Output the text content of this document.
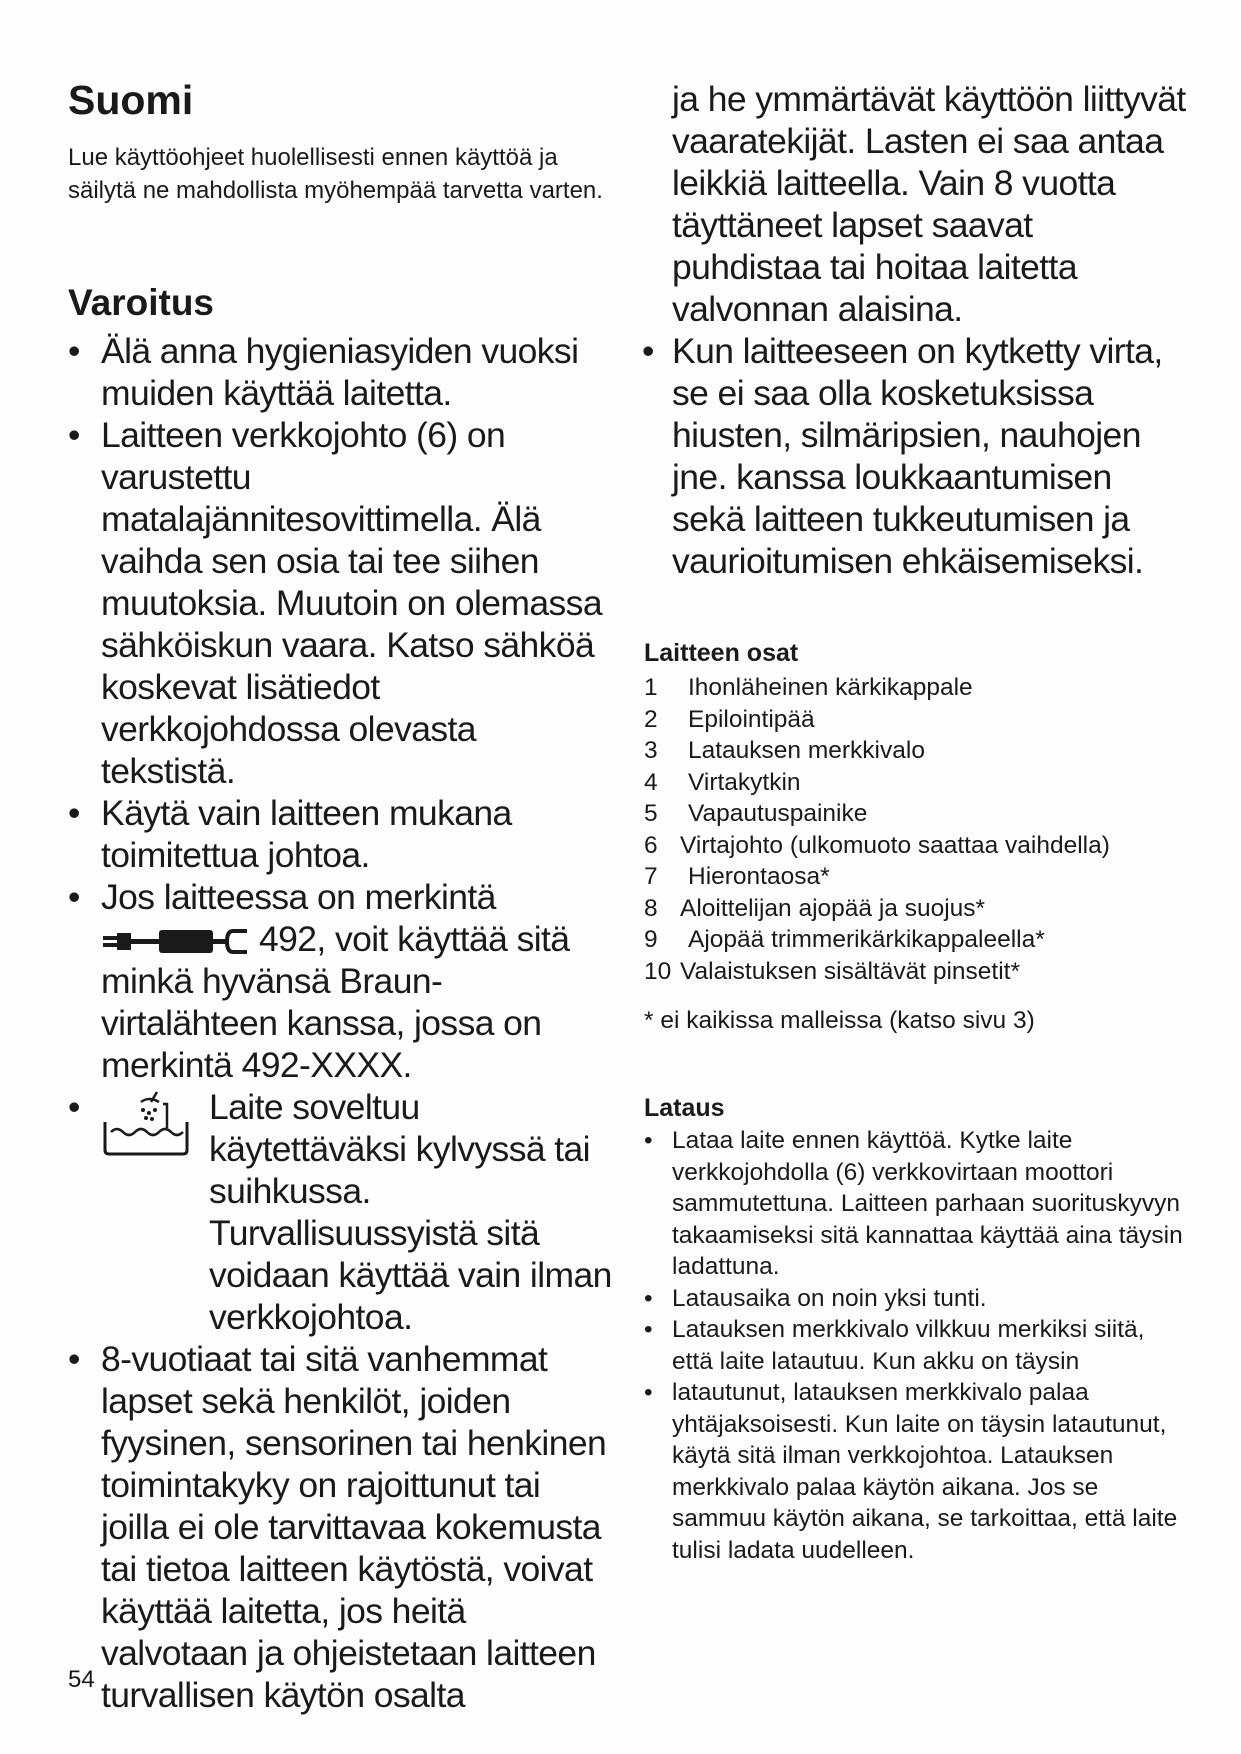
Suomi

Lue käyttöohjeet huolellisesti ennen käyttöä ja säilytä ne mahdollista myöhempää tarvetta varten.

Varoitus
• Älä anna hygieniasyiden vuoksi muiden käyttää laitetta.
• Laitteen verkkojohto (6) on varustettu matalajännitesovittimella. Älä vaihda sen osia tai tee siihen muutoksia. Muutoin on olemassa sähköiskun vaara. Katso sähköä koskevat lisätiedot verkkojohdossa olevasta tekstistä.
• Käytä vain laitteen mukana toimitettua johtoa.
• Jos laitteessa on merkintä
492, voit käyttää sitä minkä hyvänsä Braun-virtalähteen kanssa, jossa on merkintä 492-XXXX.
•	Laite soveltuu käytettäväksi kylvyssä tai suihkussa. Turvallisuussyistä sitä voidaan käyttää vain ilman verkkojohtoa.
• 8-vuotiaat tai sitä vanhemmat lapset sekä henkilöt, joiden fyysinen, sensorinen tai henkinen toimintakyky on rajoittunut tai joilla ei ole tarvittavaa kokemusta tai tietoa laitteen käytöstä, voivat käyttää laitetta, jos heitä valvotaan ja ohjeistetaan laitteen turvallisen käytön osalta

ja he ymmärtävät käyttöön liittyvät vaaratekijät. Lasten ei saa antaa leikkiä laitteella. Vain 8 vuotta täyttäneet lapset saavat puhdistaa tai hoitaa laitetta valvonnan alaisina.

• Kun laitteeseen on kytketty virta, se ei saa olla kosketuksissa hiusten, silmäripsien, nauhojen jne. kanssa loukkaantumisen sekä laitteen tukkeutumisen ja vaurioitumisen ehkäisemiseksi.
Laitteen osat
1	Ihonläheinen kärkikappale
2	Epilointipää
3	Latauksen merkkivalo
4	Virtakytkin
5	Vapautuspainike
6 Virtajohto (ulkomuoto saattaa vaihdella)
7	Hierontaosa*
8 Aloittelijan ajopää ja suojus*
9	Ajopää trimmerikärkikappaleella*
10 Valaistuksen sisältävät pinsetit*

* ei kaikissa malleissa (katso sivu 3)

Lataus
• Lataa laite ennen käyttöä. Kytke laite verkkojohdolla (6) verkkovirtaan moottori sammutettuna. Laitteen parhaan suorituskyvyn takaamiseksi sitä kannattaa käyttää aina täysin ladattuna.
• Latausaika on noin yksi tunti.
• Latauksen merkkivalo vilkkuu merkiksi siitä, että laite latautuu. Kun akku on täysin
• latautunut, latauksen merkkivalo palaa yhtäjaksoisesti. Kun laite on täysin latautunut, käytä sitä ilman verkkojohtoa. Latauksen merkkivalo palaa käytön aikana. Jos se sammuu käytön aikana, se tarkoittaa, että laite tulisi ladata uudelleen.
54
